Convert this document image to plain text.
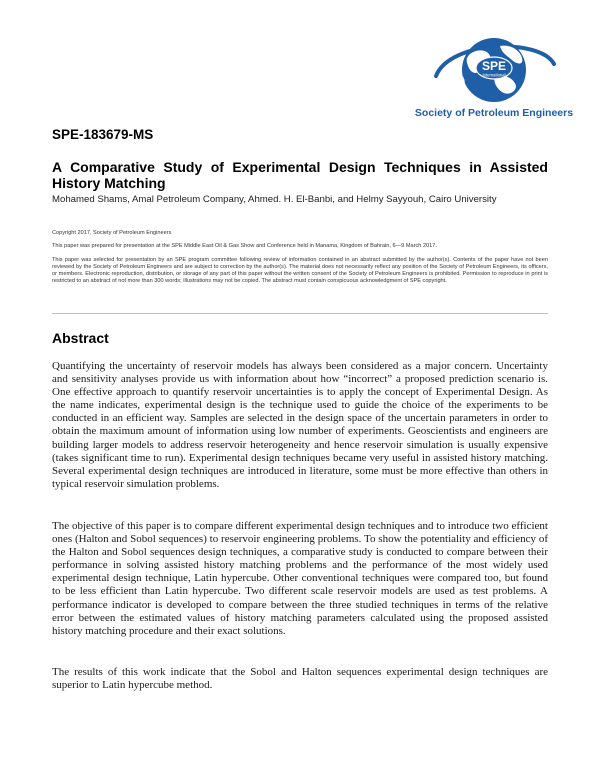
SPE
International
Society of Petroleum Engineers
SPE-183679-MS
A Comparative Study of Experimental Design Techniques in Assisted History Matching
Mohamed Shams, Amal Petroleum Company, Ahmed. H. El-Banbi, and Helmy Sayyouh, Cairo University
Copyright 2017, Society of Petroleum Engineers
This paper was prepared for presentation at the SPE Middle East Oil & Gas Show and Conference held in Manama, Kingdom of Bahrain, 6—9 March 2017.
This paper was selected for presentation by an SPE program committee following review of information contained in an abstract submitted by the author(s). Contents of the paper have not been reviewed by the Society of Petroleum Engineers and are subject to correction by the author(s). The material does not necessarily reflect any position of the Society of Petroleum Engineers, its officers, or members. Electronic reproduction, distribution, or storage of any part of this paper without the written consent of the Society of Petroleum Engineers is prohibited. Permission to reproduce in print is restricted to an abstract of not more than 300 words; illustrations may not be copied. The abstract must contain conspicuous acknowledgment of SPE copyright.
Abstract
Quantifying the uncertainty of reservoir models has always been considered as a major concern. Uncertainty and sensitivity analyses provide us with information about how “incorrect” a proposed prediction scenario is. One effective approach to quantify reservoir uncertainties is to apply the concept of Experimental Design. As the name indicates, experimental design is the technique used to guide the choice of the experiments to be conducted in an efficient way. Samples are selected in the design space of the uncertain parameters in order to obtain the maximum amount of information using low number of experiments. Geoscientists and engineers are building larger models to address reservoir heterogeneity and hence reservoir simulation is usually expensive (takes significant time to run). Experimental design techniques became very useful in assisted history matching. Several experimental design techniques are introduced in literature, some must be more effective than others in typical reservoir simulation problems.
The objective of this paper is to compare different experimental design techniques and to introduce two efficient ones (Halton and Sobol sequences) to reservoir engineering problems. To show the potentiality and efficiency of the Halton and Sobol sequences design techniques, a comparative study is conducted to compare between their performance in solving assisted history matching problems and the performance of the most widely used experimental design technique, Latin hypercube. Other conventional techniques were compared too, but found to be less efficient than Latin hypercube. Two different scale reservoir models are used as test problems. A performance indicator is developed to compare between the three studied techniques in terms of the relative error between the estimated values of history matching parameters calculated using the proposed assisted history matching procedure and their exact solutions.
The results of this work indicate that the Sobol and Halton sequences experimental design techniques are superior to Latin hypercube method.
